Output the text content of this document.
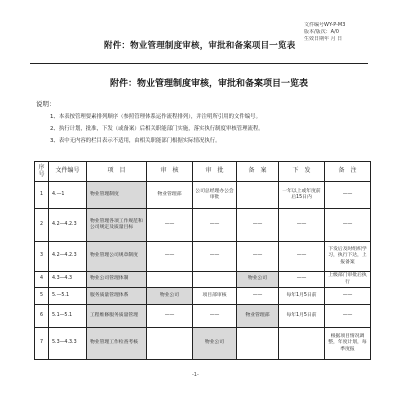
附件：物业管理制度审核，审批和备案项目一览表
文件编号WY-P-M3
版本/版次：A/0
生效日期年 月 日
附件：物业管理制度审核，审批和备案项目一览表
说明：
1、本表按管理要素排列顺序（参照管理体系运作流程排列），并注明所引用的文件编号。
2、执行计划，批准，下发（或备案）后相关职能部门实施，落实执行制度审核管理流程。
3、表中无内容的栏目表示不适用，由相关职能部门根据实际情况执行。
序号	文件编号	项　目	审　核	审　批	备　案	下　发	备　注
1	4.—1	物业管理制度	物业管理部	公司总经理办公会审批		一年以上或年度前后15日内	——
2	4.2—4.2.3	物业管理各项工作规范和公司规定及质量目标	——	——	——	——	——
3	4.2—4.2.3	物业管理公司规章制度	——	——	——	——	下发后及时组织学习，执行下达，上报备案
4	4.3—4.3	物业公司管理体制			物业公司	——	上级部门审批后执行
5	5.—5.1	服务质量管理体系	物业公司	项目部审核	——	每年1月5日前	——
6	5.1—5.1	工程维修服务质量管理	——	——	物业管理部	每年1月5日前	——
7	5.3—4.3.3	物业管理工作检查考核		物业公司			根据项目情况调整，年度计划，每季度报
-1-
